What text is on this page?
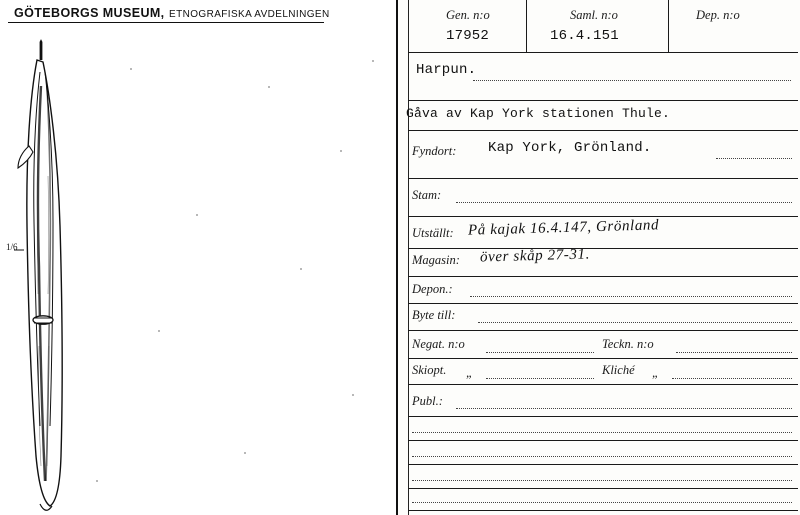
GÖTEBORGS MUSEUM, ETNOGRAFISKA AVDELNINGEN
1/6
Gen. n:o
17952
Saml. n:o
16.4.151
Dep. n:o
Harpun.
Gåva av Kap York stationen Thule.
Fyndort: Kap York, Grönland.
Stam:
Utställt: På kajak 16.4.147, Grönland
Magasin: över skåp 27-31.
Depon.:
Byte till:
Negat. n:o	Teckn. n:o
Skiopt. „	Kliché „
Publ.:
